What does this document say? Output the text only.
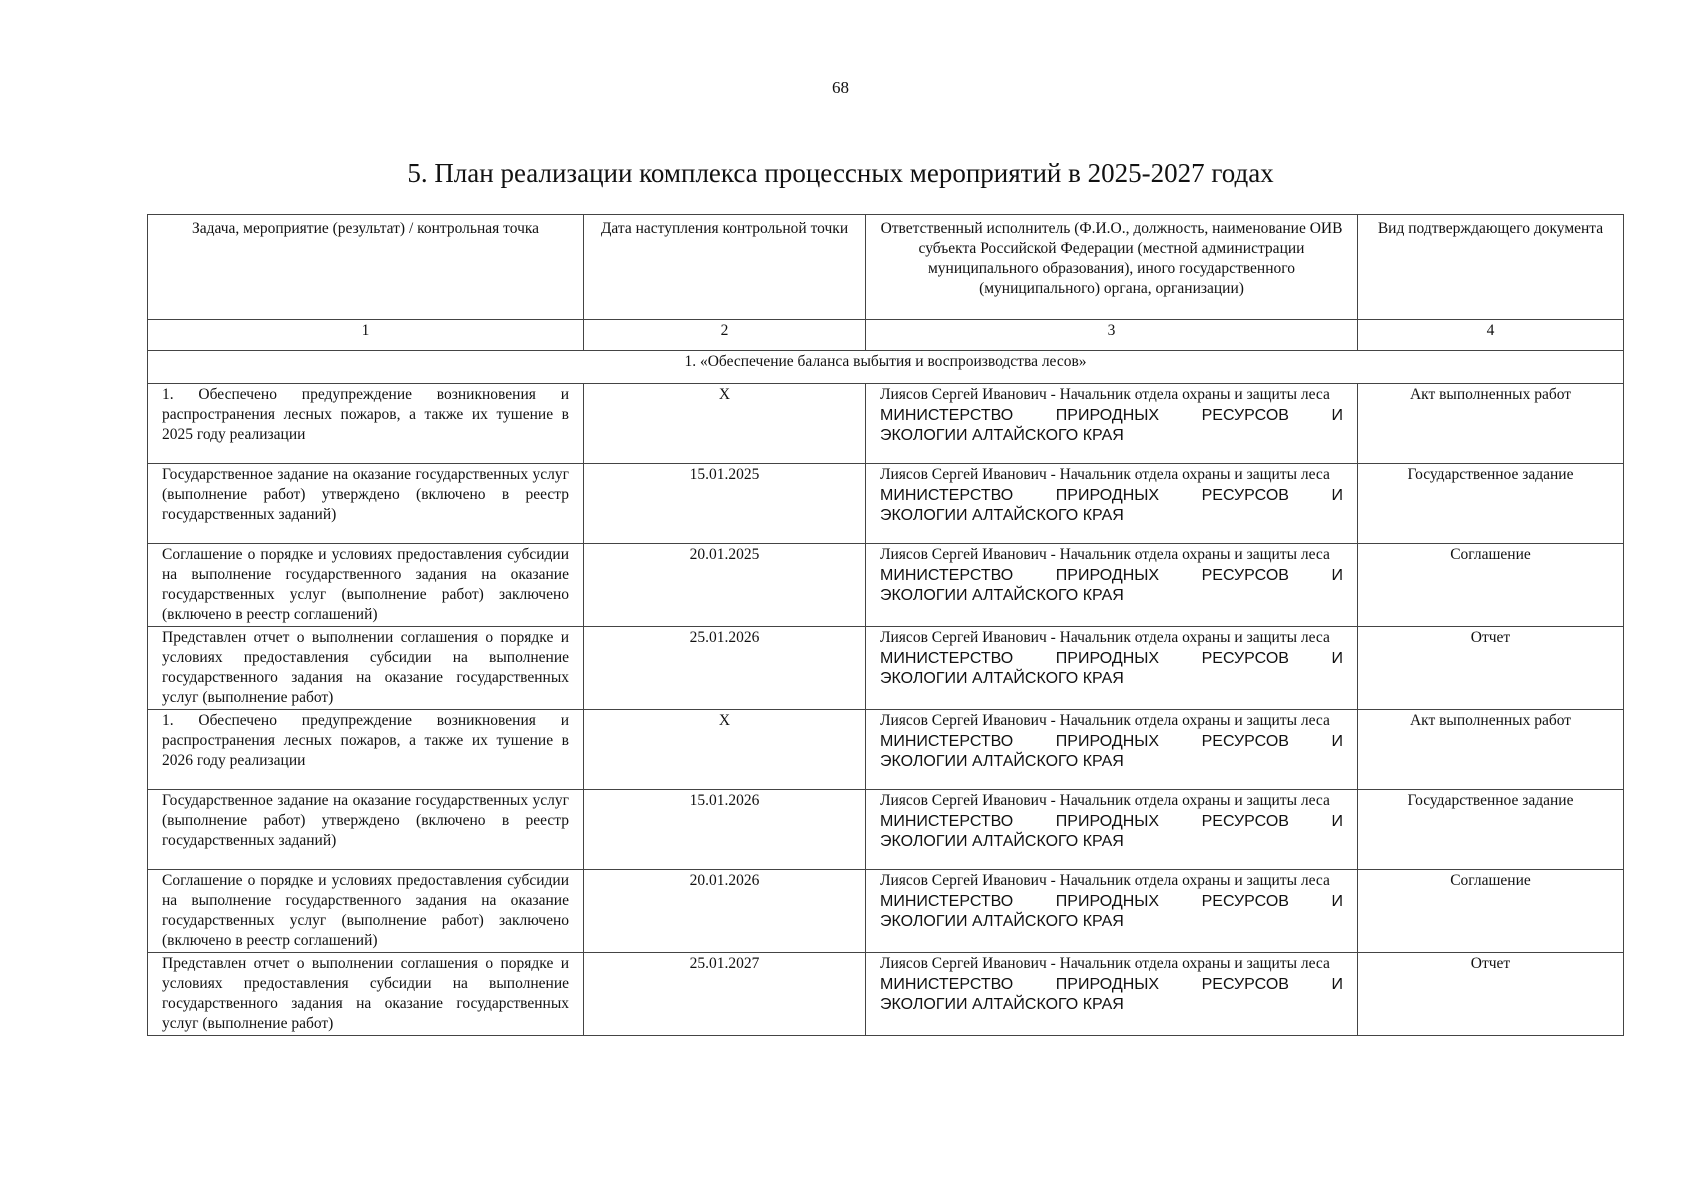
68
5. План реализации комплекса процессных мероприятий в 2025-2027 годах
Задача, мероприятие (результат) / контрольная точка	Дата наступления контрольной точки	Ответственный исполнитель (Ф.И.О., должность, наименование ОИВ субъекта Российской Федерации (местной администрации муниципального образования), иного государственного (муниципального) органа, организации)	Вид подтверждающего документа
1	2	3	4
1. «Обеспечение баланса выбытия и воспроизводства лесов»			
1. Обеспечено предупреждение возникновения и распространения лесных пожаров, а также их тушение в 2025 году реализации	X	Лиясов Сергей Иванович - Начальник отдела охраны и защиты леса
МИНИСТЕРСТВО ПРИРОДНЫХ РЕСУРСОВ И
ЭКОЛОГИИ АЛТАЙСКОГО КРАЯ	Акт выполненных работ
Государственное задание на оказание государственных услуг (выполнение работ) утверждено (включено в реестр государственных заданий)	15.01.2025	Лиясов Сергей Иванович - Начальник отдела охраны и защиты леса
МИНИСТЕРСТВО ПРИРОДНЫХ РЕСУРСОВ И
ЭКОЛОГИИ АЛТАЙСКОГО КРАЯ	Государственное задание
Соглашение о порядке и условиях предоставления субсидии на выполнение государственного задания на оказание государственных услуг (выполнение работ) заключено (включено в реестр соглашений)	20.01.2025	Лиясов Сергей Иванович - Начальник отдела охраны и защиты леса
МИНИСТЕРСТВО ПРИРОДНЫХ РЕСУРСОВ И
ЭКОЛОГИИ АЛТАЙСКОГО КРАЯ	Соглашение
Представлен отчет о выполнении соглашения о порядке и условиях предоставления субсидии на выполнение государственного задания на оказание государственных услуг (выполнение работ)	25.01.2026	Лиясов Сергей Иванович - Начальник отдела охраны и защиты леса
МИНИСТЕРСТВО ПРИРОДНЫХ РЕСУРСОВ И
ЭКОЛОГИИ АЛТАЙСКОГО КРАЯ	Отчет
1. Обеспечено предупреждение возникновения и распространения лесных пожаров, а также их тушение в 2026 году реализации	X	Лиясов Сергей Иванович - Начальник отдела охраны и защиты леса
МИНИСТЕРСТВО ПРИРОДНЫХ РЕСУРСОВ И
ЭКОЛОГИИ АЛТАЙСКОГО КРАЯ	Акт выполненных работ
Государственное задание на оказание государственных услуг (выполнение работ) утверждено (включено в реестр государственных заданий)	15.01.2026	Лиясов Сергей Иванович - Начальник отдела охраны и защиты леса
МИНИСТЕРСТВО ПРИРОДНЫХ РЕСУРСОВ И
ЭКОЛОГИИ АЛТАЙСКОГО КРАЯ	Государственное задание
Соглашение о порядке и условиях предоставления субсидии на выполнение государственного задания на оказание государственных услуг (выполнение работ) заключено (включено в реестр соглашений)	20.01.2026	Лиясов Сергей Иванович - Начальник отдела охраны и защиты леса
МИНИСТЕРСТВО ПРИРОДНЫХ РЕСУРСОВ И
ЭКОЛОГИИ АЛТАЙСКОГО КРАЯ	Соглашение
Представлен отчет о выполнении соглашения о порядке и условиях предоставления субсидии на выполнение государственного задания на оказание государственных услуг (выполнение работ)	25.01.2027	Лиясов Сергей Иванович - Начальник отдела охраны и защиты леса
МИНИСТЕРСТВО ПРИРОДНЫХ РЕСУРСОВ И
ЭКОЛОГИИ АЛТАЙСКОГО КРАЯ	Отчет
